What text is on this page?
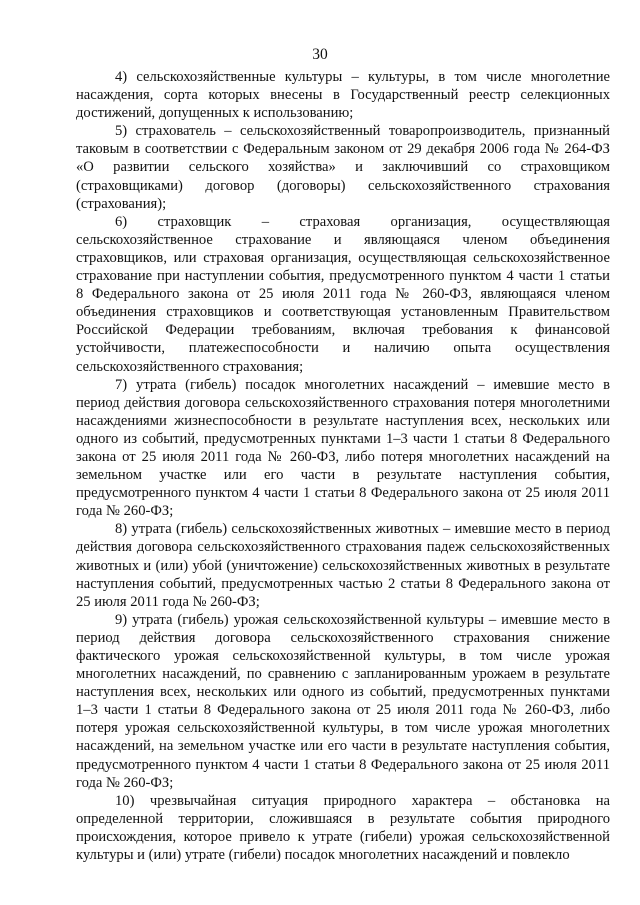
30

4) сельскохозяйственные культуры – культуры, в том числе многолетние насаждения, сорта которых внесены в Государственный реестр селекционных достижений, допущенных к использованию;

5) страхователь – сельскохозяйственный товаропроизводитель, признанный таковым в соответствии с Федеральным законом от 29 декабря 2006 года № 264-ФЗ «О развитии сельского хозяйства» и заключивший со страховщиком (страховщиками) договор (договоры) сельскохозяйственного страхования (страхования);

6) страховщик – страховая организация, осуществляющая сельскохозяйственное страхование и являющаяся членом объединения страховщиков, или страховая организация, осуществляющая сельскохозяйственное страхование при наступлении события, предусмотренного пунктом 4 части 1 статьи 8 Федерального закона от 25 июля 2011 года № 260-ФЗ, являющаяся членом объединения страховщиков и соответствующая установленным Правительством Российской Федерации требованиям, включая требования к финансовой устойчивости, платежеспособности и наличию опыта осуществления сельскохозяйственного страхования;

7) утрата (гибель) посадок многолетних насаждений – имевшие место в период действия договора сельскохозяйственного страхования потеря многолетними насаждениями жизнеспособности в результате наступления всех, нескольких или одного из событий, предусмотренных пунктами 1–3 части 1 статьи 8 Федерального закона от 25 июля 2011 года № 260-ФЗ, либо потеря многолетних насаждений на земельном участке или его части в результате наступления события, предусмотренного пунктом 4 части 1 статьи 8 Федерального закона от 25 июля 2011 года № 260-ФЗ;

8) утрата (гибель) сельскохозяйственных животных – имевшие место в период действия договора сельскохозяйственного страхования падеж сельскохозяйственных животных и (или) убой (уничтожение) сельскохозяйственных животных в результате наступления событий, предусмотренных частью 2 статьи 8 Федерального закона от 25 июля 2011 года № 260-ФЗ;

9) утрата (гибель) урожая сельскохозяйственной культуры – имевшие место в период действия договора сельскохозяйственного страхования снижение фактического урожая сельскохозяйственной культуры, в том числе урожая многолетних насаждений, по сравнению с запланированным урожаем в результате наступления всех, нескольких или одного из событий, предусмотренных пунктами 1–3 части 1 статьи 8 Федерального закона от 25 июля 2011 года № 260-ФЗ, либо потеря урожая сельскохозяйственной культуры, в том числе урожая многолетних насаждений, на земельном участке или его части в результате наступления события, предусмотренного пунктом 4 части 1 статьи 8 Федерального закона от 25 июля 2011 года № 260-ФЗ;

10) чрезвычайная ситуация природного характера – обстановка на определенной территории, сложившаяся в результате события природного происхождения, которое привело к утрате (гибели) урожая сельскохозяйственной культуры и (или) утрате (гибели) посадок многолетних насаждений и повлекло
